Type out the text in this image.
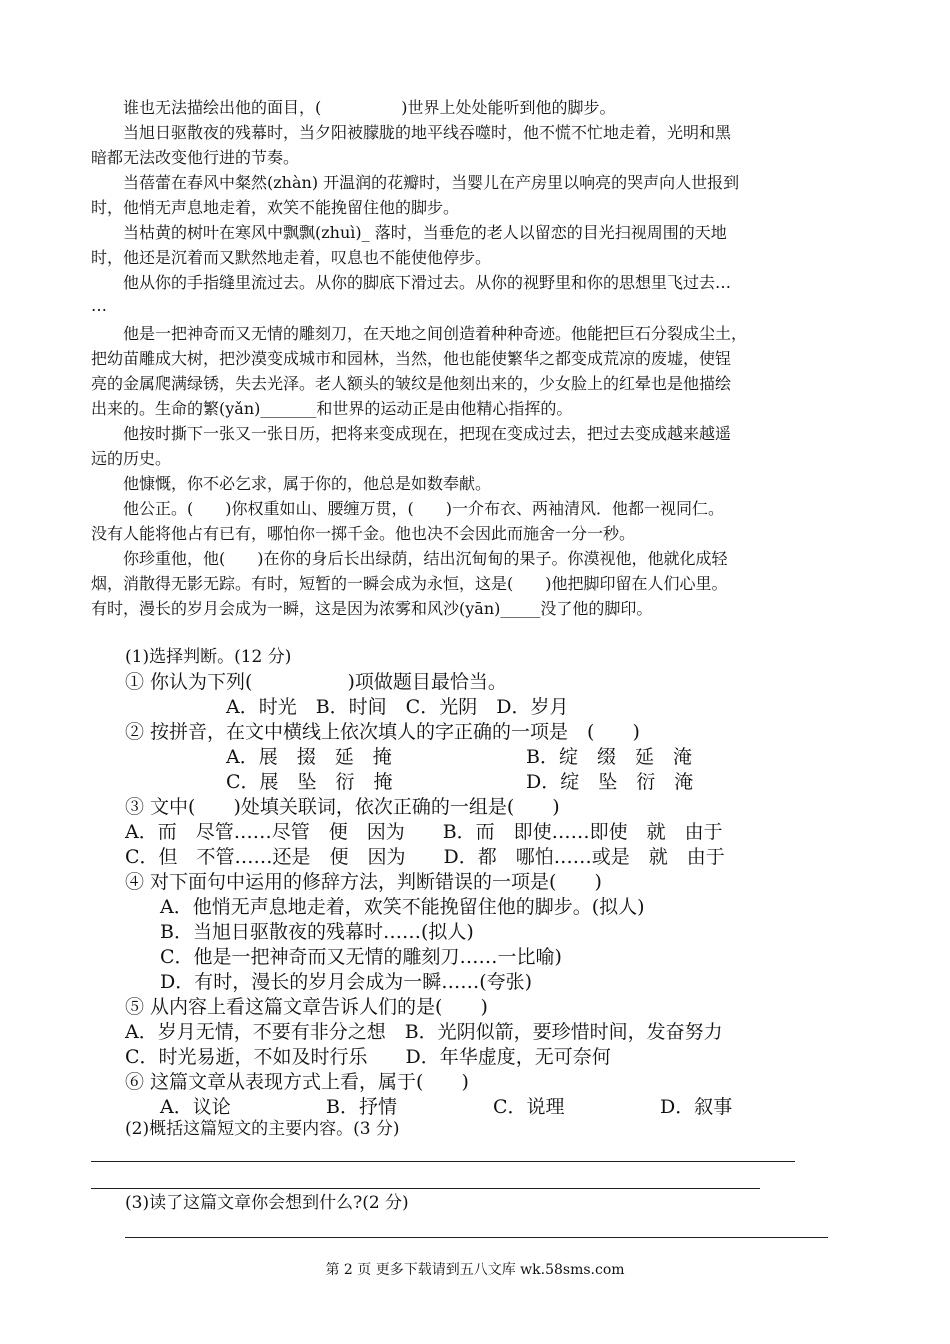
谁也无法描绘出他的面目，(　　　　　)世界上处处能听到他的脚步。
当旭日驱散夜的残幕时，当夕阳被朦胧的地平线吞噬时，他不慌不忙地走着，光明和黑
暗都无法改变他行进的节奏。
当蓓蕾在春风中粲然(zhàn) 开温润的花瓣时，当婴儿在产房里以响亮的哭声向人世报到
时，他悄无声息地走着，欢笑不能挽留住他的脚步。
当枯黄的树叶在寒风中飘飘(zhuì)_ 落时，当垂危的老人以留恋的目光扫视周围的天地
时，他还是沉着而又默然地走着，叹息也不能使他停步。
他从你的手指缝里流过去。从你的脚底下滑过去。从你的视野里和你的思想里飞过去…
…
他是一把神奇而又无情的雕刻刀，在天地之间创造着种种奇迹。他能把巨石分裂成尘土，
把幼苗雕成大树，把沙漠变成城市和园林，当然，他也能使繁华之都变成荒凉的废墟，使锃
亮的金属爬满绿锈，失去光泽。老人额头的皱纹是他刻出来的，少女脸上的红晕也是他描绘
出来的。生命的繁(yǎn)_______和世界的运动正是由他精心指挥的。
他按时撕下一张又一张日历，把将来变成现在，把现在变成过去，把过去变成越来越遥
远的历史。
他慷慨，你不必乞求，属于你的，他总是如数奉献。
他公正。(　　)你权重如山、腰缠万贯，(　　)一介布衣、两袖清风．他都一视同仁。
没有人能将他占有已有，哪怕你一掷千金。他也决不会因此而施舍一分一秒。
你珍重他，他(　　)在你的身后长出绿荫，结出沉甸甸的果子。你漠视他，他就化成轻
烟，消散得无影无踪。有时，短暂的一瞬会成为永恒，这是(　　)他把脚印留在人们心里。
有时，漫长的岁月会成为一瞬，这是因为浓雾和风沙(yān)_____没了他的脚印。
(1)选择判断。(12 分)
① 你认为下列(　　　　　)项做题目最恰当。
A．时光　B．时间　C．光阴　D．岁月
② 按拼音，在文中横线上依次填人的字正确的一项是　(　　)
A．展　掇　延　掩	B．绽　缀　延　淹
C．展　坠　衍　掩	D．绽　坠　衍　淹
③ 文中(　　)处填关联词，依次正确的一组是(　　)
A．而　尽管……尽管　便　因为　　B．而　即使……即使　就　由于
C．但　不管……还是　便　因为　　D．都　哪怕……或是　就　由于
④ 对下面句中运用的修辞方法，判断错误的一项是(　　)
A．他悄无声息地走着，欢笑不能挽留住他的脚步。(拟人)
B．当旭日驱散夜的残幕时……(拟人)
C．他是一把神奇而又无情的雕刻刀……一比喻)
D．有时，漫长的岁月会成为一瞬……(夸张)
⑤ 从内容上看这篇文章告诉人们的是(　　)
A．岁月无情，不要有非分之想　B．光阴似箭，要珍惜时间，发奋努力
C．时光易逝，不如及时行乐　　D．年华虚度，无可奈何
⑥ 这篇文章从表现方式上看，属于(　　)
A．议论	B．抒情	C．说理	D．叙事
(2)概括这篇短文的主要内容。(3 分)
(3)读了这篇文章你会想到什么?(2 分)
第 2 页 更多下载请到五八文库 wk.58sms.com
